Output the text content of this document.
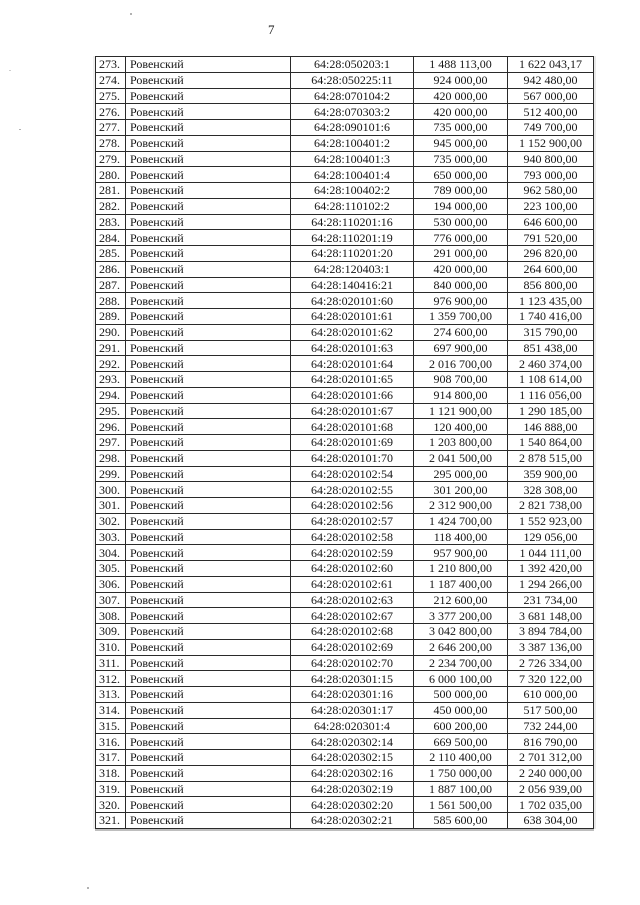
7
273.	Ровенский	64:28:050203:1	1 488 113,00	1 622 043,17
274.	Ровенский	64:28:050225:11	924 000,00	942 480,00
275.	Ровенский	64:28:070104:2	420 000,00	567 000,00
276.	Ровенский	64:28:070303:2	420 000,00	512 400,00
277.	Ровенский	64:28:090101:6	735 000,00	749 700,00
278.	Ровенский	64:28:100401:2	945 000,00	1 152 900,00
279.	Ровенский	64:28:100401:3	735 000,00	940 800,00
280.	Ровенский	64:28:100401:4	650 000,00	793 000,00
281.	Ровенский	64:28:100402:2	789 000,00	962 580,00
282.	Ровенский	64:28:110102:2	194 000,00	223 100,00
283.	Ровенский	64:28:110201:16	530 000,00	646 600,00
284.	Ровенский	64:28:110201:19	776 000,00	791 520,00
285.	Ровенский	64:28:110201:20	291 000,00	296 820,00
286.	Ровенский	64:28:120403:1	420 000,00	264 600,00
287.	Ровенский	64:28:140416:21	840 000,00	856 800,00
288.	Ровенский	64:28:020101:60	976 900,00	1 123 435,00
289.	Ровенский	64:28:020101:61	1 359 700,00	1 740 416,00
290.	Ровенский	64:28:020101:62	274 600,00	315 790,00
291.	Ровенский	64:28:020101:63	697 900,00	851 438,00
292.	Ровенский	64:28:020101:64	2 016 700,00	2 460 374,00
293.	Ровенский	64:28:020101:65	908 700,00	1 108 614,00
294.	Ровенский	64:28:020101:66	914 800,00	1 116 056,00
295.	Ровенский	64:28:020101:67	1 121 900,00	1 290 185,00
296.	Ровенский	64:28:020101:68	120 400,00	146 888,00
297.	Ровенский	64:28:020101:69	1 203 800,00	1 540 864,00
298.	Ровенский	64:28:020101:70	2 041 500,00	2 878 515,00
299.	Ровенский	64:28:020102:54	295 000,00	359 900,00
300.	Ровенский	64:28:020102:55	301 200,00	328 308,00
301.	Ровенский	64:28:020102:56	2 312 900,00	2 821 738,00
302.	Ровенский	64:28:020102:57	1 424 700,00	1 552 923,00
303.	Ровенский	64:28:020102:58	118 400,00	129 056,00
304.	Ровенский	64:28:020102:59	957 900,00	1 044 111,00
305.	Ровенский	64:28:020102:60	1 210 800,00	1 392 420,00
306.	Ровенский	64:28:020102:61	1 187 400,00	1 294 266,00
307.	Ровенский	64:28:020102:63	212 600,00	231 734,00
308.	Ровенский	64:28:020102:67	3 377 200,00	3 681 148,00
309.	Ровенский	64:28:020102:68	3 042 800,00	3 894 784,00
310.	Ровенский	64:28:020102:69	2 646 200,00	3 387 136,00
311.	Ровенский	64:28:020102:70	2 234 700,00	2 726 334,00
312.	Ровенский	64:28:020301:15	6 000 100,00	7 320 122,00
313.	Ровенский	64:28:020301:16	500 000,00	610 000,00
314.	Ровенский	64:28:020301:17	450 000,00	517 500,00
315.	Ровенский	64:28:020301:4	600 200,00	732 244,00
316.	Ровенский	64:28:020302:14	669 500,00	816 790,00
317.	Ровенский	64:28:020302:15	2 110 400,00	2 701 312,00
318.	Ровенский	64:28:020302:16	1 750 000,00	2 240 000,00
319.	Ровенский	64:28:020302:19	1 887 100,00	2 056 939,00
320.	Ровенский	64:28:020302:20	1 561 500,00	1 702 035,00
321.	Ровенский	64:28:020302:21	585 600,00	638 304,00
